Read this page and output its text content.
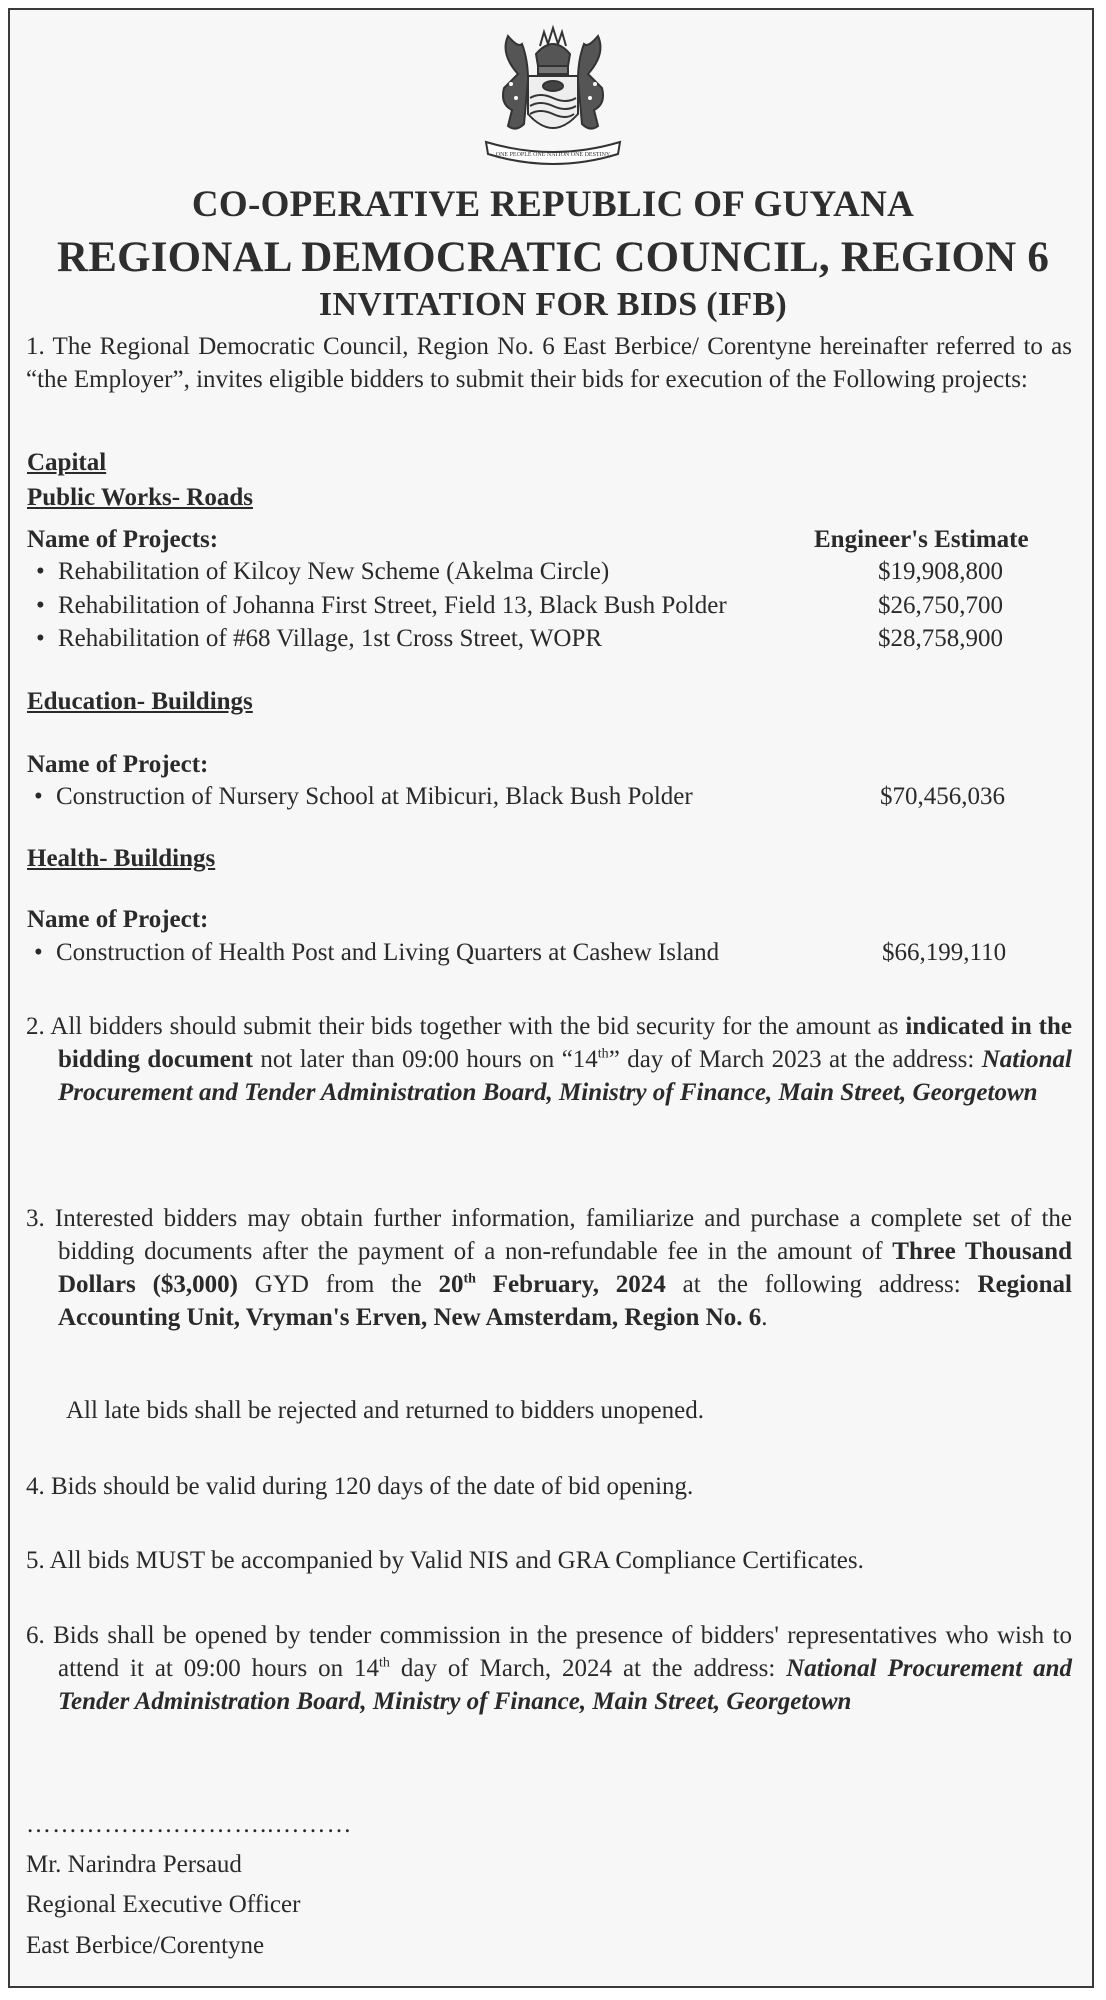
ONE PEOPLE ONE NATION ONE DESTINY
CO-OPERATIVE REPUBLIC OF GUYANA
REGIONAL DEMOCRATIC COUNCIL, REGION 6
INVITATION FOR BIDS (IFB)

1. The Regional Democratic Council, Region No. 6 East Berbice/ Corentyne hereinafter referred to as “the Employer”, invites eligible bidders to submit their bids for execution of the Following projects:

Capital
Public Works- Roads
Name of Projects:	Engineer's Estimate
• Rehabilitation of Kilcoy New Scheme (Akelma Circle)	$19,908,800
• Rehabilitation of Johanna First Street, Field 13, Black Bush Polder	$26,750,700
• Rehabilitation of #68 Village, 1st Cross Street, WOPR	$28,758,900
Education- Buildings
Name of Project:
• Construction of Nursery School at Mibicuri, Black Bush Polder	$70,456,036
Health- Buildings
Name of Project:
• Construction of Health Post and Living Quarters at Cashew Island	$66,199,110

2. All bidders should submit their bids together with the bid security for the amount as indicated in the bidding document not later than 09:00 hours on “14th” day of March 2023 at the address: National Procurement and Tender Administration Board, Ministry of Finance, Main Street, Georgetown

3. Interested bidders may obtain further information, familiarize and purchase a complete set of the bidding documents after the payment of a non-refundable fee in the amount of Three Thousand Dollars ($3,000) GYD from the 20th February, 2024 at the following address: Regional Accounting Unit, Vryman's Erven, New Amsterdam, Region No. 6.

All late bids shall be rejected and returned to bidders unopened.
4. Bids should be valid during 120 days of the date of bid opening.
5. All bids MUST be accompanied by Valid NIS and GRA Compliance Certificates.

6. Bids shall be opened by tender commission in the presence of bidders' representatives who wish to attend it at 09:00 hours on 14th day of March, 2024 at the address: National Procurement and Tender Administration Board, Ministry of Finance, Main Street, Georgetown

………………………..………
Mr. Narindra Persaud
Regional Executive Officer
East Berbice/Corentyne
